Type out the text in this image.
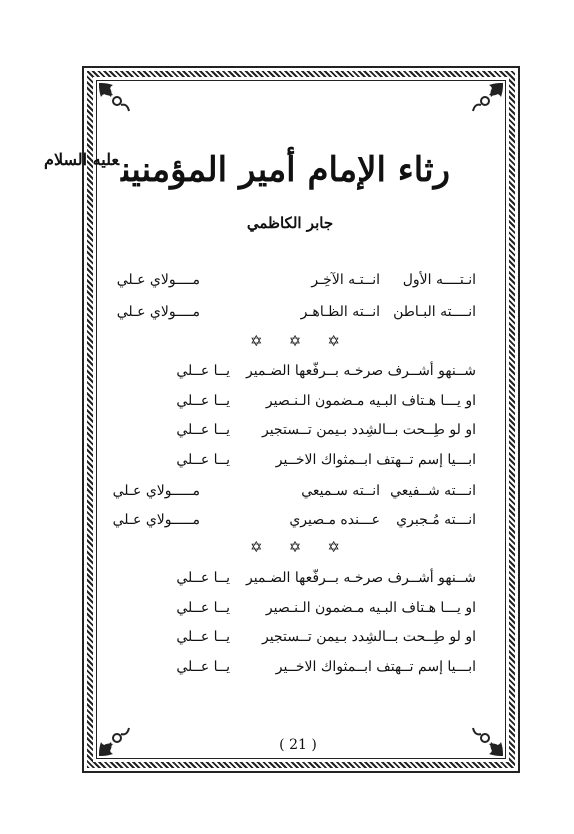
رثاء الإمام أمير المؤمنين$^{عليه السلام}$
جابر الكاظمي
انـتــــه الأول
انــتـه الآخِـر
مــــولاي عـلي
انــــته البـاطن
انــته الظـاهـر
مــــولاي عـلي
✡ ✡ ✡
شــنهو أشــرف صرخـه بــرفّعها الضـمير
يــا عــلي
او يـــا هـتاف البـيه مـضمون الـنـصير
يــا عــلي
او لو طِــحت بــالشِدد بـيمن تــستجير
يــا عــلي
ابـــيا إسم تــهتف ابــمثواك الاخــير
يــا عــلي
انـــته شــفيعي
انــته سـميعي
مـــــولاي عـلي
انـــته مُـجبري
عـــنده مـصيري
مـــــولاي عـلي
✡ ✡ ✡
شــنهو أشــرف صرخـه بــرفّعها الضـمير
يــا عــلي
او يـــا هـتاف البـيه مـضمون الـنـصير
يــا عــلي
او لو طِــحت بــالشِدد بـيمن تــستجير
يــا عــلي
ابـــيا إسم تــهتف ابــمثواك الاخــير
يــا عــلي
( 21 )
